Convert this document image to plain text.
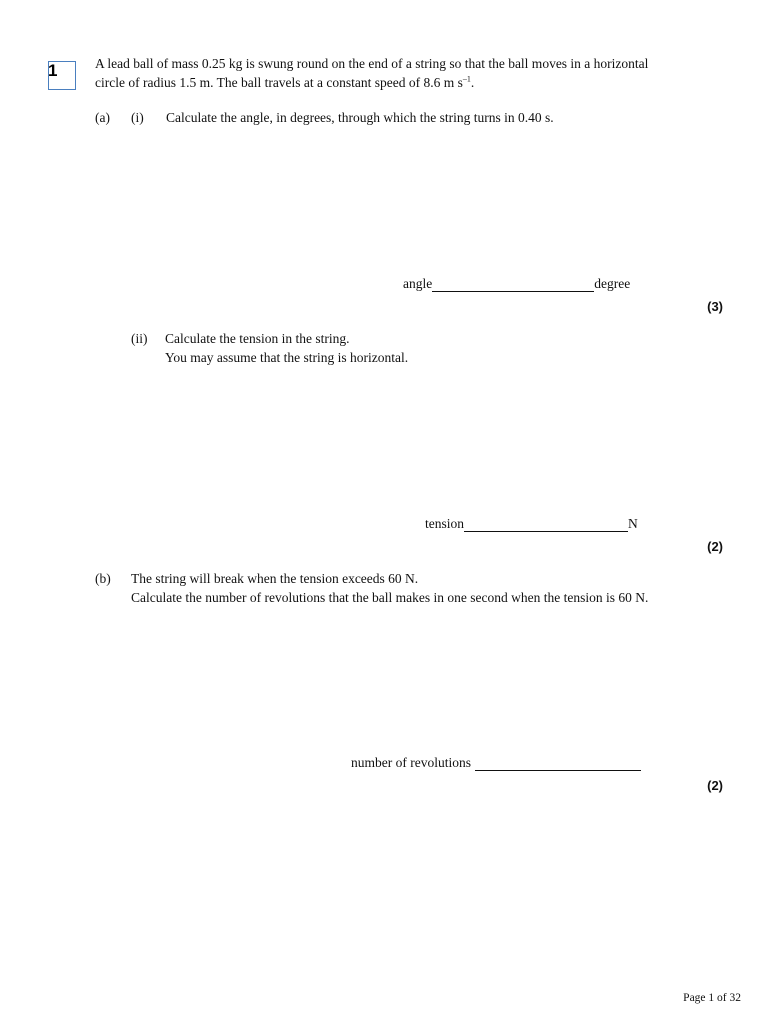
1	A lead ball of mass 0.25 kg is swung round on the end of a string so that the ball moves in a horizontal
circle of radius 1.5 m. The ball travels at a constant speed of 8.6 m $s^{-1}$.
(a) (i) Calculate the angle, in degrees, through which the string turns in 0.40 s.
angle	degree
(3)
(ii) Calculate the tension in the string.
You may assume that the string is horizontal.
tension	N
(2)
(b) The string will break when the tension exceeds 60 N.
Calculate the number of revolutions that the ball makes in one second when the tension is 60 N.
number of revolutions
(2)
Page 1 of 32
